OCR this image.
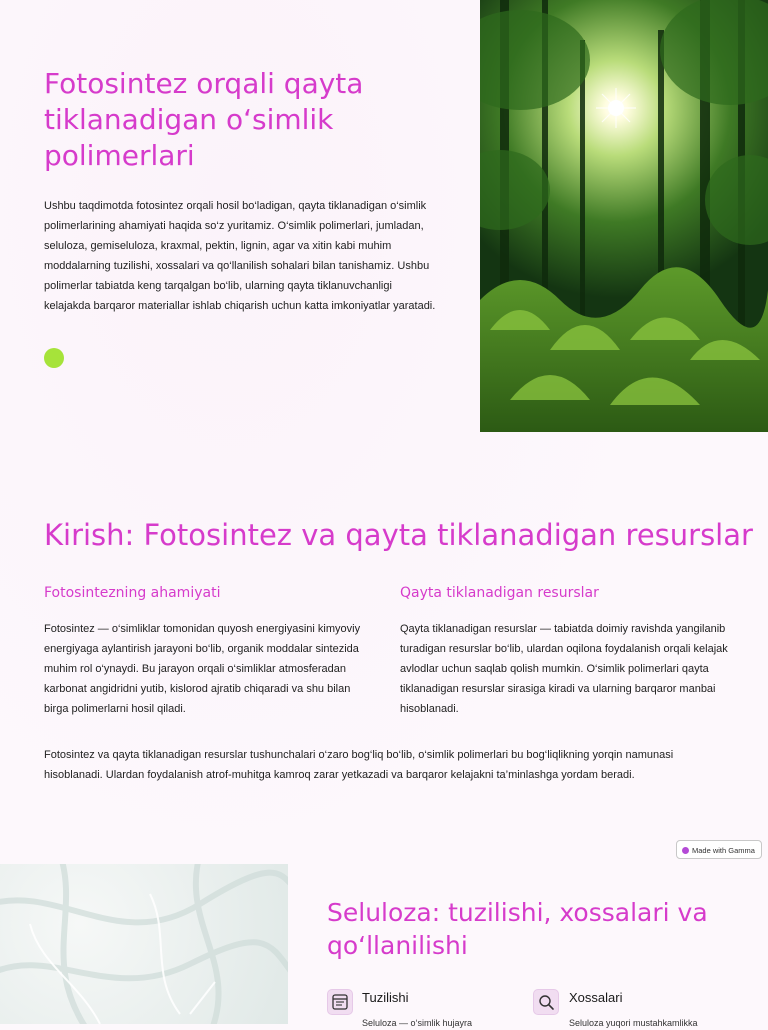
Fotosintez orqali qayta tiklanadigan o‘simlik polimerlari

Ushbu taqdimotda fotosintez orqali hosil bo‘ladigan, qayta tiklanadigan o‘simlik polimerlarining ahamiyati haqida so‘z yuritamiz. O‘simlik polimerlari, jumladan, seluloza, gemiseluloza, kraxmal, pektin, lignin, agar va xitin kabi muhim moddalarning tuzilishi, xossalari va qo‘llanilish sohalari bilan tanishamiz. Ushbu polimerlar tabiatda keng tarqalgan bo‘lib, ularning qayta tiklanuvchanligi kelajakda barqaror materiallar ishlab chiqarish uchun katta imkoniyatlar yaratadi.

Kirish: Fotosintez va qayta tiklanadigan resurslar
Fotosintezning ahamiyati

Fotosintez — o‘simliklar tomonidan quyosh energiyasini kimyoviy energiyaga aylantirish jarayoni bo‘lib, organik moddalar sintezida muhim rol o‘ynaydi. Bu jarayon orqali o‘simliklar atmosferadan karbonat angidridni yutib, kislorod ajratib chiqaradi va shu bilan birga polimerlarni hosil qiladi.

Qayta tiklanadigan resurslar

Qayta tiklanadigan resurslar — tabiatda doimiy ravishda yangilanib turadigan resurslar bo‘lib, ulardan oqilona foydalanish orqali kelajak avlodlar uchun saqlab qolish mumkin. O‘simlik polimerlari qayta tiklanadigan resurslar sirasiga kiradi va ularning barqaror manbai hisoblanadi.

Fotosintez va qayta tiklanadigan resurslar tushunchalari o‘zaro bog‘liq bo‘lib, o‘simlik polimerlari bu bog‘liqlikning yorqin namunasi hisoblanadi. Ulardan foydalanish atrof-muhitga kamroq zarar yetkazadi va barqaror kelajakni ta’minlashga yordam beradi.

Made with Gamma
Seluloza: tuzilishi, xossalari va qo‘llanilishi
Tuzilishi

Seluloza — o‘simlik hujayra

Xossalari

Seluloza yuqori mustahkamlikka
